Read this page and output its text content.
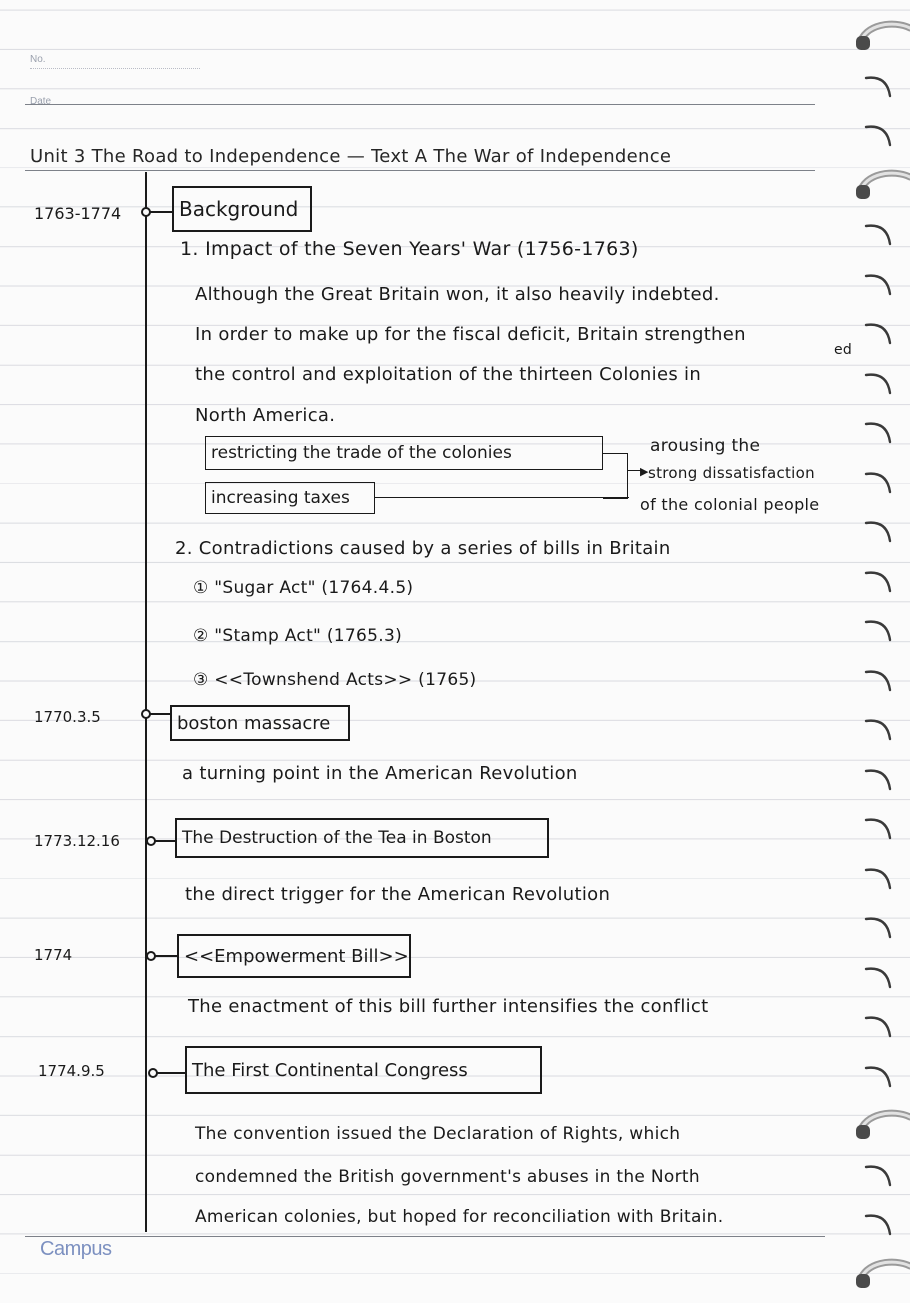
No.
Date
Unit 3 The Road to Independence — Text A The War of Independence
1763-1774	Background
1. Impact of the Seven Years' War (1756-1763)
Although the Great Britain won, it also heavily indebted.
In order to make up for the fiscal deficit, Britain strengthen
ed
the control and exploitation of the thirteen Colonies in
North America.
restricting the trade of the colonies
increasing taxes
▶
arousing the
strong dissatisfaction
of the colonial people
2. Contradictions caused by a series of bills in Britain
① "Sugar Act" (1764.4.5)
② "Stamp Act" (1765.3)
③ <<Townshend Acts>> (1765)
1770.3.5	boston massacre
a turning point in the American Revolution
1773.12.16	The Destruction of the Tea in Boston
the direct trigger for the American Revolution
1774	<<Empowerment Bill>>
The enactment of this bill further intensifies the conflict
1774.9.5	The First Continental Congress
The convention issued the Declaration of Rights, which
condemned the British government's abuses in the North
American colonies, but hoped for reconciliation with Britain.
Campus
